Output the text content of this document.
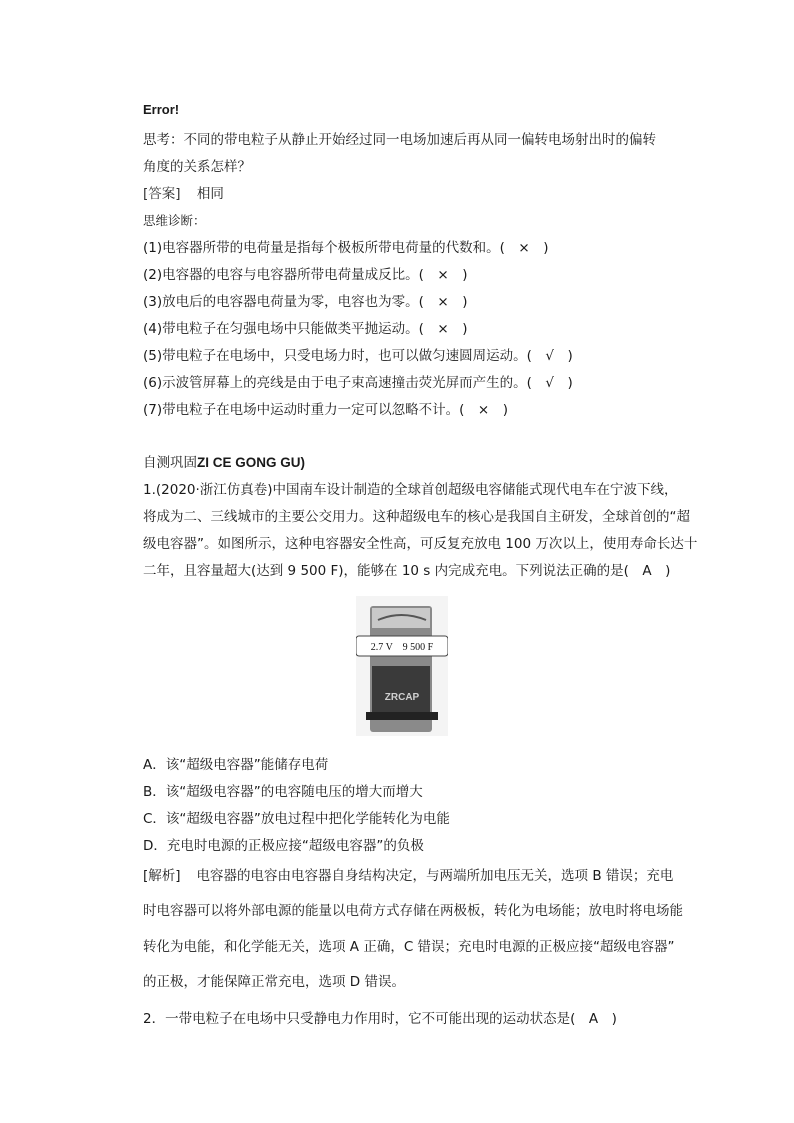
Error!
思考：不同的带电粒子从静止开始经过同一电场加速后再从同一偏转电场射出时的偏转
角度的关系怎样？
[答案] 相同
思维诊断：
(1)电容器所带的电荷量是指每个极板所带电荷量的代数和。(　×　)
(2)电容器的电容与电容器所带电荷量成反比。(　×　)
(3)放电后的电容器电荷量为零，电容也为零。(　×　)
(4)带电粒子在匀强电场中只能做类平抛运动。(　×　)
(5)带电粒子在电场中，只受电场力时，也可以做匀速圆周运动。(　√　)
(6)示波管屏幕上的亮线是由于电子束高速撞击荧光屏而产生的。(　√　)
(7)带电粒子在电场中运动时重力一定可以忽略不计。(　×　)
自测巩固ZI CE GONG GU)
1.(2020·浙江仿真卷)中国南车设计制造的全球首创超级电容储能式现代电车在宁波下线，
将成为二、三线城市的主要公交用力。这种超级电车的核心是我国自主研发，全球首创的“超
级电容器”。如图所示，这种电容器安全性高，可反复充放电 100 万次以上，使用寿命长达十
二年，且容量超大(达到 9 500 F)，能够在 10 s 内完成充电。下列说法正确的是(　A　)
2.7 V　9 500 F
ZRCAP
A．该“超级电容器”能储存电荷
B．该“超级电容器”的电容随电压的增大而增大
C．该“超级电容器”放电过程中把化学能转化为电能
D．充电时电源的正极应接“超级电容器”的负极
[解析] 电容器的电容由电容器自身结构决定，与两端所加电压无关，选项 B 错误；充电
时电容器可以将外部电源的能量以电荷方式存储在两极板，转化为电场能；放电时将电场能
转化为电能，和化学能无关，选项 A 正确，C 错误；充电时电源的正极应接“超级电容器”
的正极，才能保障正常充电，选项 D 错误。
2．一带电粒子在电场中只受静电力作用时，它不可能出现的运动状态是(　A　)
